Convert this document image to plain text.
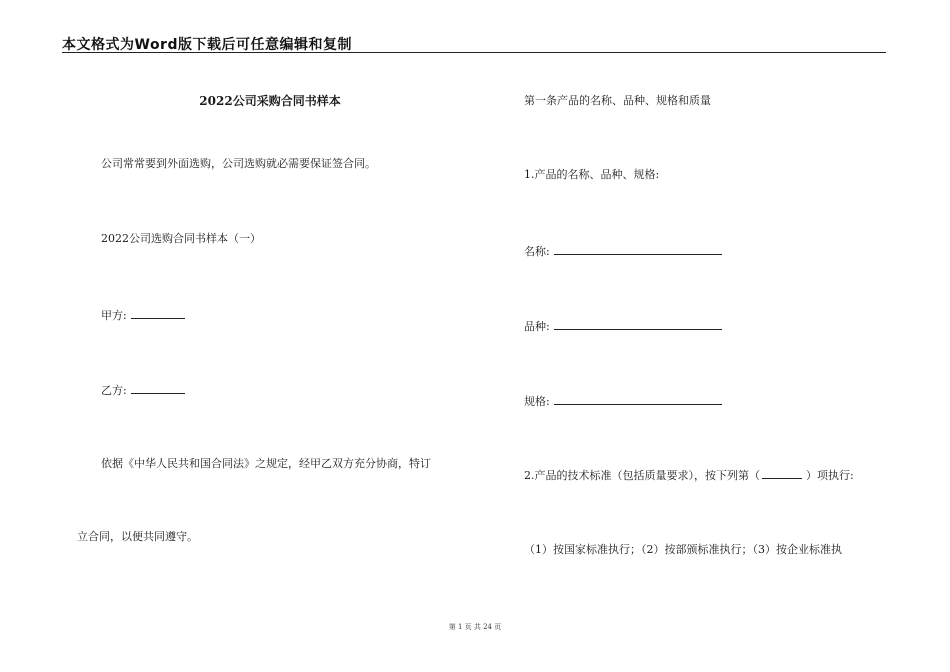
本文格式为Word版下载后可任意编辑和复制
2022公司采购合同书样本
公司常常要到外面选购，公司选购就必需要保证签合同。
2022公司选购合同书样本（一）
甲方:
乙方:
依据《中华人民共和国合同法》之规定，经甲乙双方充分协商，特订
立合同，以便共同遵守。
第一条产品的名称、品种、规格和质量
1.产品的名称、品种、规格:
名称:
品种:
规格:
2.产品的技术标准（包括质量要求），按下列第（	）项执行:
（1）按国家标准执行；（2）按部颁标准执行；（3）按企业标准执
第 1 页 共 24 页
